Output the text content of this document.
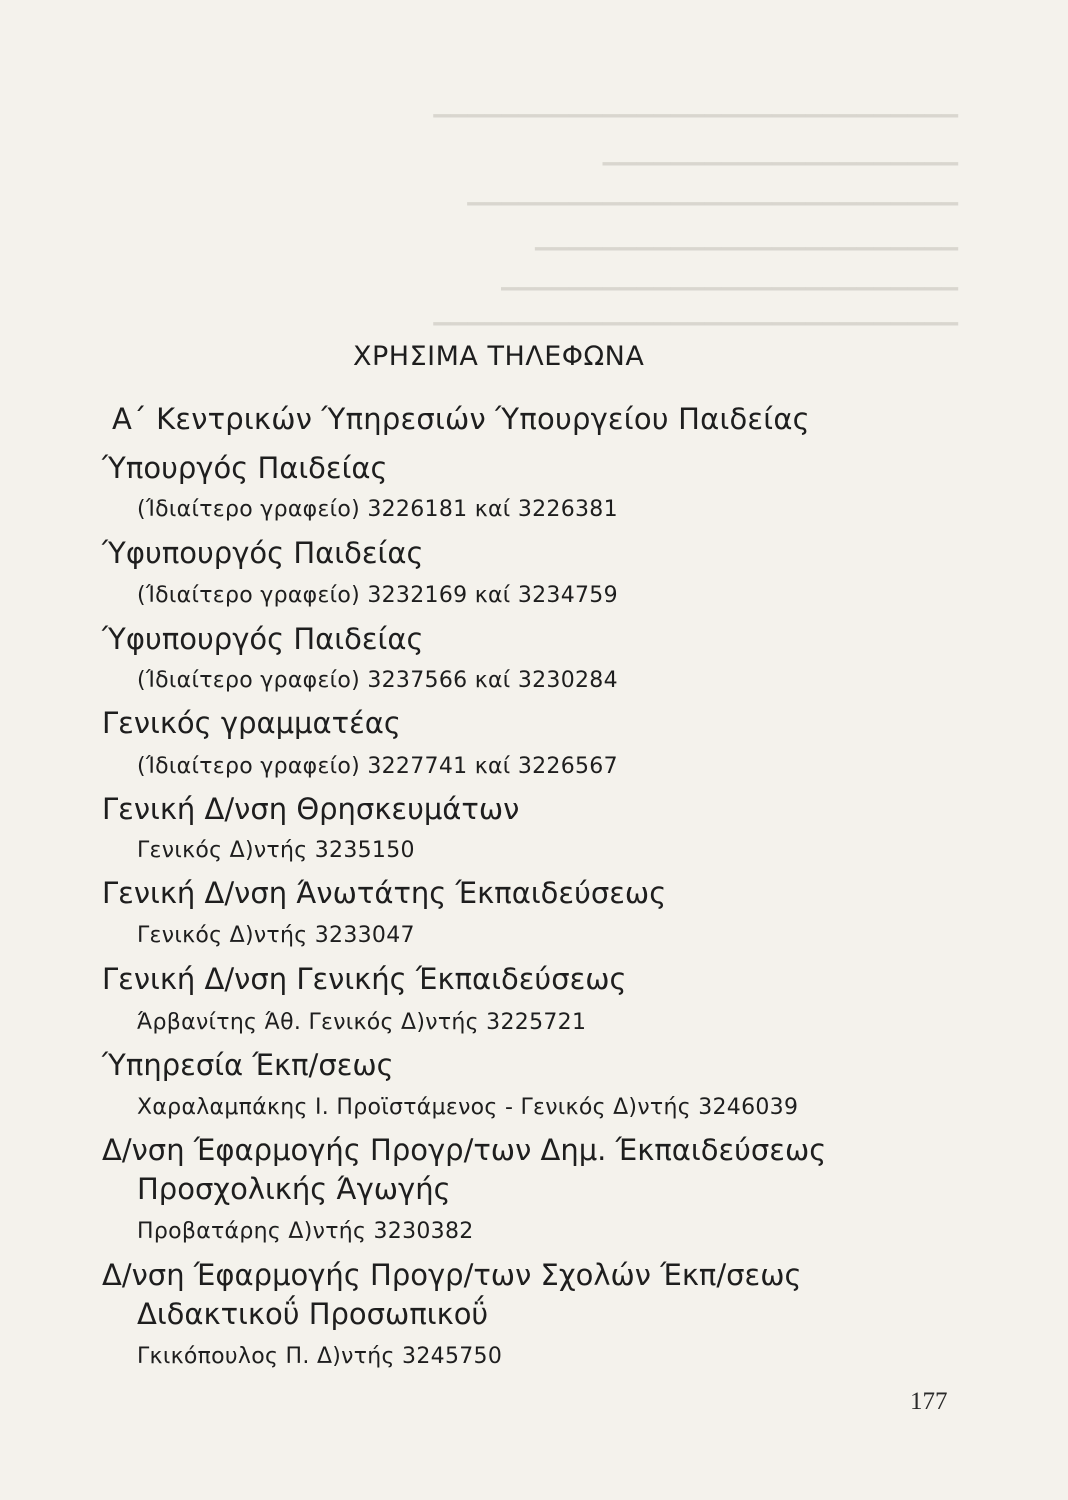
▁▁▁▁▁▁▁▁▁▁▁▁▁▁▁▁▁▁▁▁▁▁▁▁▁▁▁▁▁▁▁
▁▁▁▁▁▁▁▁▁▁▁▁▁▁▁▁▁▁▁▁▁
▁▁▁▁▁▁▁▁▁▁▁▁▁▁▁▁▁▁▁▁▁▁▁▁▁▁▁▁▁
▁▁▁▁▁▁▁▁▁▁▁▁▁▁▁▁▁▁▁▁▁▁▁▁▁
▁▁▁▁▁▁▁▁▁▁▁▁▁▁▁▁▁▁▁▁▁▁▁▁▁▁▁
▁▁▁▁▁▁▁▁▁▁▁▁▁▁▁▁▁▁▁▁▁▁▁▁▁▁▁▁▁▁▁
ΧΡΗΣΙΜΑ ΤΗΛΕΦΩΝΑ
Α΄ Κεντρικών Ύπηρεσιών Ύπουργείου Παιδείας
Ύπουργός Παιδείας
(Ίδιαίτερο γραφείο) 3226181 καί 3226381
Ύφυπουργός Παιδείας
(Ίδιαίτερο γραφείο) 3232169 καί 3234759
Ύφυπουργός Παιδείας
(Ίδιαίτερο γραφείο) 3237566 καί 3230284
Γενικός γραμματέας
(Ίδιαίτερο γραφείο) 3227741 καί 3226567
Γενική Δ/νση Θρησκευμάτων
Γενικός Δ)ντής 3235150
Γενική Δ/νση Άνωτάτης Έκπαιδεύσεως
Γενικός Δ)ντής 3233047
Γενική Δ/νση Γενικής Έκπαιδεύσεως
Άρβανίτης Άθ. Γενικός Δ)ντής 3225721
Ύπηρεσία Έκπ/σεως
Χαραλαμπάκης Ι. Προϊστάμενος - Γενικός Δ)ντής 3246039
Δ/νση Έφαρμογής Προγρ/των Δημ. Έκπαιδεύσεως
Προσχολικής Άγωγής
Προβατάρης Δ)ντής 3230382
Δ/νση Έφαρμογής Προγρ/των Σχολών Έκπ/σεως
Διδακτικοΰ Προσωπικοΰ
Γκικόπουλος Π. Δ)ντής 3245750
177
